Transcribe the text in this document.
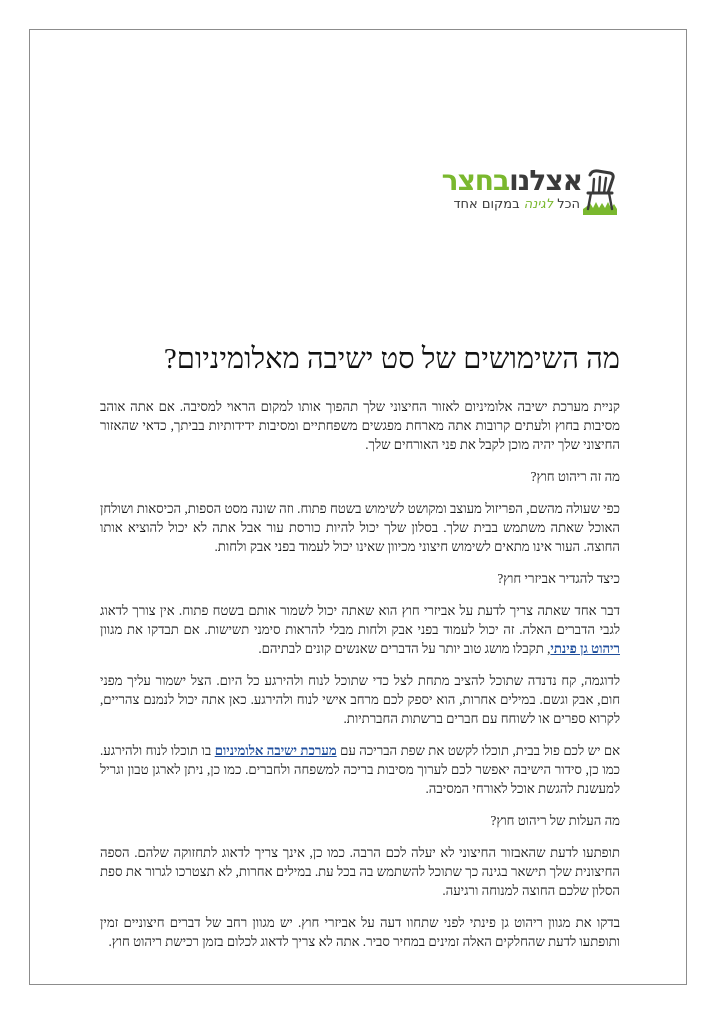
אצלנובחצר
הכל לגינה במקום אחד
מה השימושים של סט ישיבה מאלומיניום?

קניית מערכת ישיבה אלומיניום לאזור החיצוני שלך תהפוך אותו למקום הראוי למסיבה. אם אתה אוהב מסיבות בחוץ ולעתים קרובות אתה מארחת מפגשים משפחתיים ומסיבות ידידותיות בביתך, כדאי שהאזור החיצוני שלך יהיה מוכן לקבל את פני האורחים שלך.

מה זה ריהוט חוץ?

כפי שעולה מהשם, הפריזול מעוצב ומקושט לשימוש בשטח פתוח. וזה שונה מסט הספות, הכיסאות ושולחן האוכל שאתה משתמש בבית שלך. בסלון שלך יכול להיות כורסת עור אבל אתה לא יכול להוציא אותו החוצה. העור אינו מתאים לשימוש חיצוני מכיוון שאינו יכול לעמוד בפני אבק ולחות.

כיצד להגדיר אביזרי חוץ?

דבר אחד שאתה צריך לדעת על אביזרי חוץ הוא שאתה יכול לשמור אותם בשטח פתוח. אין צורך לדאוג לגבי הדברים האלה. זה יכול לעמוד בפני אבק ולחות מבלי להראות סימני תשישות. אם תבדקו את מגוון ריהוט גן פינתי, תקבלו מושג טוב יותר על הדברים שאנשים קונים לבתיהם.

לדוגמה, קח נדנדה שתוכל להציב מתחת לצל כדי שתוכל לנוח ולהירגע כל היום. הצל ישמור עליך מפני חום, אבק וגשם. במילים אחרות, הוא יספק לכם מרחב אישי לנוח ולהירגע. כאן אתה יכול לנמנם צהריים, לקרוא ספרים או לשוחח עם חברים ברשתות החברתיות.

אם יש לכם פול בבית, תוכלו לקשט את שפת הבריכה עם מערכת ישיבה אלומיניום בו תוכלו לנוח ולהירגע. כמו כן, סידור הישיבה יאפשר לכם לערוך מסיבות בריכה למשפחה ולחברים. כמו כן, ניתן לארגן טבון וגריל למעשנת להגשת אוכל לאורחי המסיבה.

מה העלות של ריהוט חוץ?

תופתעו לדעת שהאבזור החיצוני לא יעלה לכם הרבה. כמו כן, אינך צריך לדאוג לתחזוקה שלהם. הספה החיצונית שלך תישאר בגינה כך שתוכל להשתמש בה בכל עת. במילים אחרות, לא תצטרכו לגרור את ספת הסלון שלכם החוצה למנוחה ורגיעה.

בדקו את מגוון ריהוט גן פינתי לפני שתחוו דעה על אביזרי חוץ. יש מגוון רחב של דברים חיצוניים זמין ותופתעו לדעת שהחלקים האלה זמינים במחיר סביר. אתה לא צריך לדאוג לכלום בזמן רכישת ריהוט חוץ.
